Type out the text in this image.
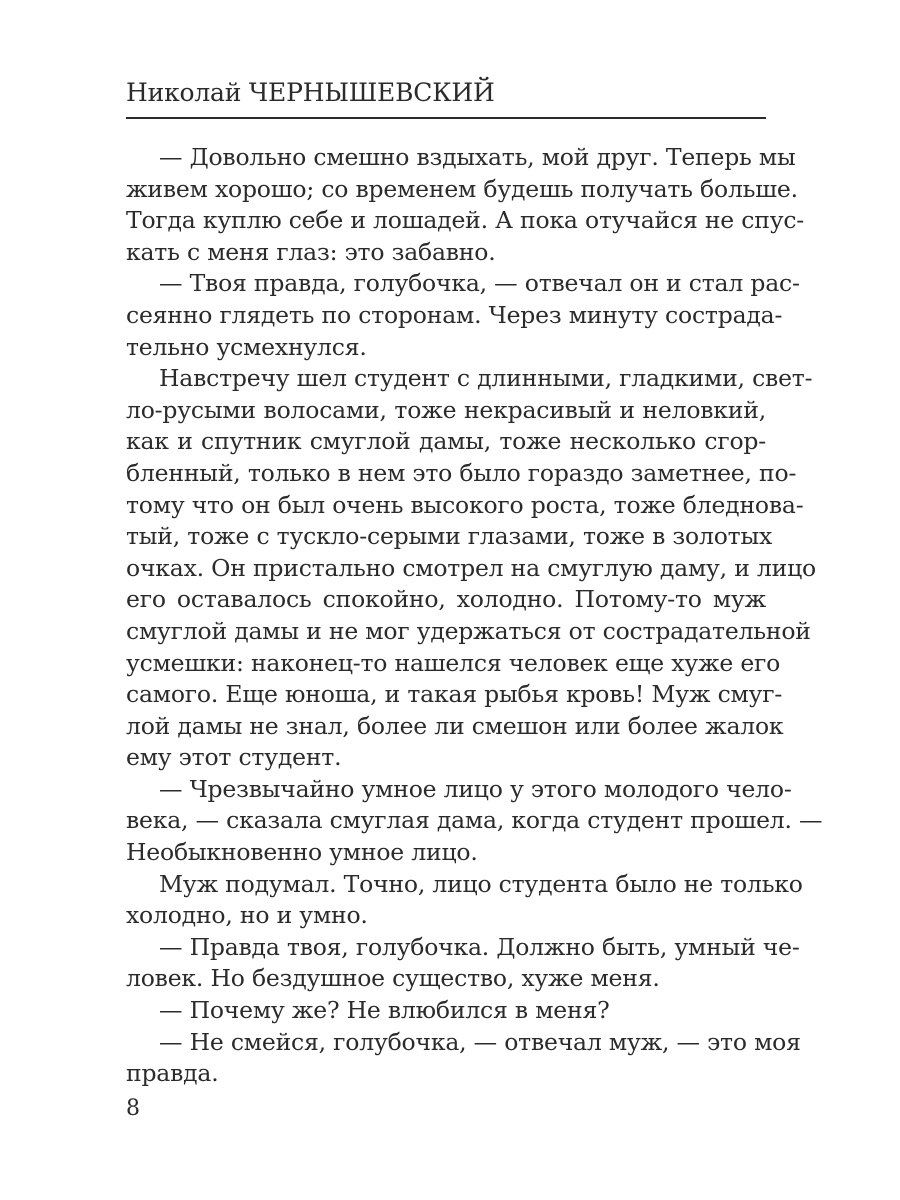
Николай ЧЕРНЫШЕВСКИЙ
— Довольно смешно вздыхать, мой друг. Теперь мы
живем хорошо; со временем будешь получать больше.
Тогда куплю себе и лошадей. А пока отучайся не спус-
кать с меня глаз: это забавно.
— Твоя правда, голубочка, — отвечал он и стал рас-
сеянно глядеть по сторонам. Через минуту сострада-
тельно усмехнулся.
Навстречу шел студент с длинными, гладкими, свет-
ло-русыми волосами, тоже некрасивый и неловкий,
как и спутник смуглой дамы, тоже несколько сгор-
бленный, только в нем это было гораздо заметнее, по-
тому что он был очень высокого роста, тоже бледнова-
тый, тоже с тускло-серыми глазами, тоже в золотых
очках. Он пристально смотрел на смуглую даму, и лицо
его оставалось спокойно, холодно. Потому-то муж
смуглой дамы и не мог удержаться от сострадательной
усмешки: наконец-то нашелся человек еще хуже его
самого. Еще юноша, и такая рыбья кровь! Муж смуг-
лой дамы не знал, более ли смешон или более жалок
ему этот студент.
— Чрезвычайно умное лицо у этого молодого чело-
века, — сказала смуглая дама, когда студент прошел. —
Необыкновенно умное лицо.
Муж подумал. Точно, лицо студента было не только
холодно, но и умно.
— Правда твоя, голубочка. Должно быть, умный че-
ловек. Но бездушное существо, хуже меня.
— Почему же? Не влюбился в меня?
— Не смейся, голубочка, — отвечал муж, — это моя
правда.
8
